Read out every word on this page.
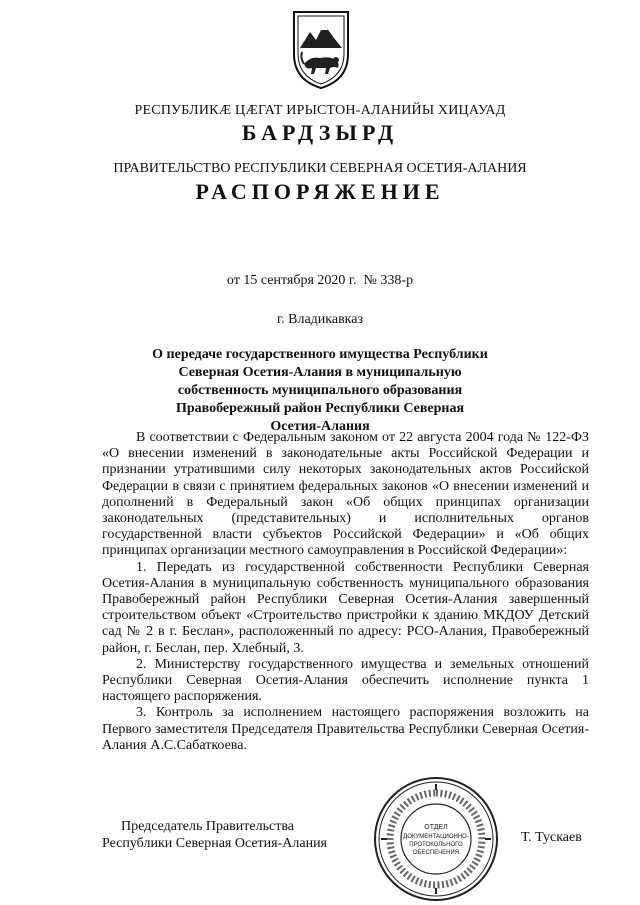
РЕСПУБЛИКӔ ЦӔГАТ ИРЫСТОН-АЛАНИЙЫ ХИЦАУАД
БАРДЗЫРД
ПРАВИТЕЛЬСТВО РЕСПУБЛИКИ СЕВЕРНАЯ ОСЕТИЯ-АЛАНИЯ
РАСПОРЯЖЕНИЕ
от 15 сентября 2020 г.  № 338-р
г. Владикавказ
О передаче государственного имущества Республики Северная Осетия-Алания в муниципальную собственность муниципального образования Правобережный район Республики Северная Осетия-Алания

В соответствии с Федеральным законом от 22 августа 2004 года № 122-ФЗ «О внесении изменений в законодательные акты Российской Федерации и признании утратившими силу некоторых законодательных актов Российской Федерации в связи с принятием федеральных законов «О внесении изменений и дополнений в Федеральный закон «Об общих принципах организации законодательных (представительных) и исполнительных органов государственной власти субъектов Российской Федерации» и «Об общих принципах организации местного самоуправления в Российской Федерации»:

1. Передать из государственной собственности Республики Северная Осетия-Алания в муниципальную собственность муниципального образования Правобережный район Республики Северная Осетия-Алания завершенный строительством объект «Строительство пристройки к зданию МКДОУ Детский сад № 2 в г. Беслан», расположенный по адресу: РСО-Алания, Правобережный район, г. Беслан, пер. Хлебный, 3.

2. Министерству государственного имущества и земельных отношений Республики Северная Осетия-Алания обеспечить исполнение пункта 1 настоящего распоряжения.

3. Контроль за исполнением настоящего распоряжения возложить на Первого заместителя Председателя Правительства Республики Северная Осетия-Алания А.С.Сабаткоева.

Председатель Правительства
Республики Северная Осетия-Алания	Т. Тускаев
ОТДЕЛ
ДОКУМЕНТАЦИОННО-
ПРОТОКОЛЬНОГО
ОБЕСПЕЧЕНИЯ
